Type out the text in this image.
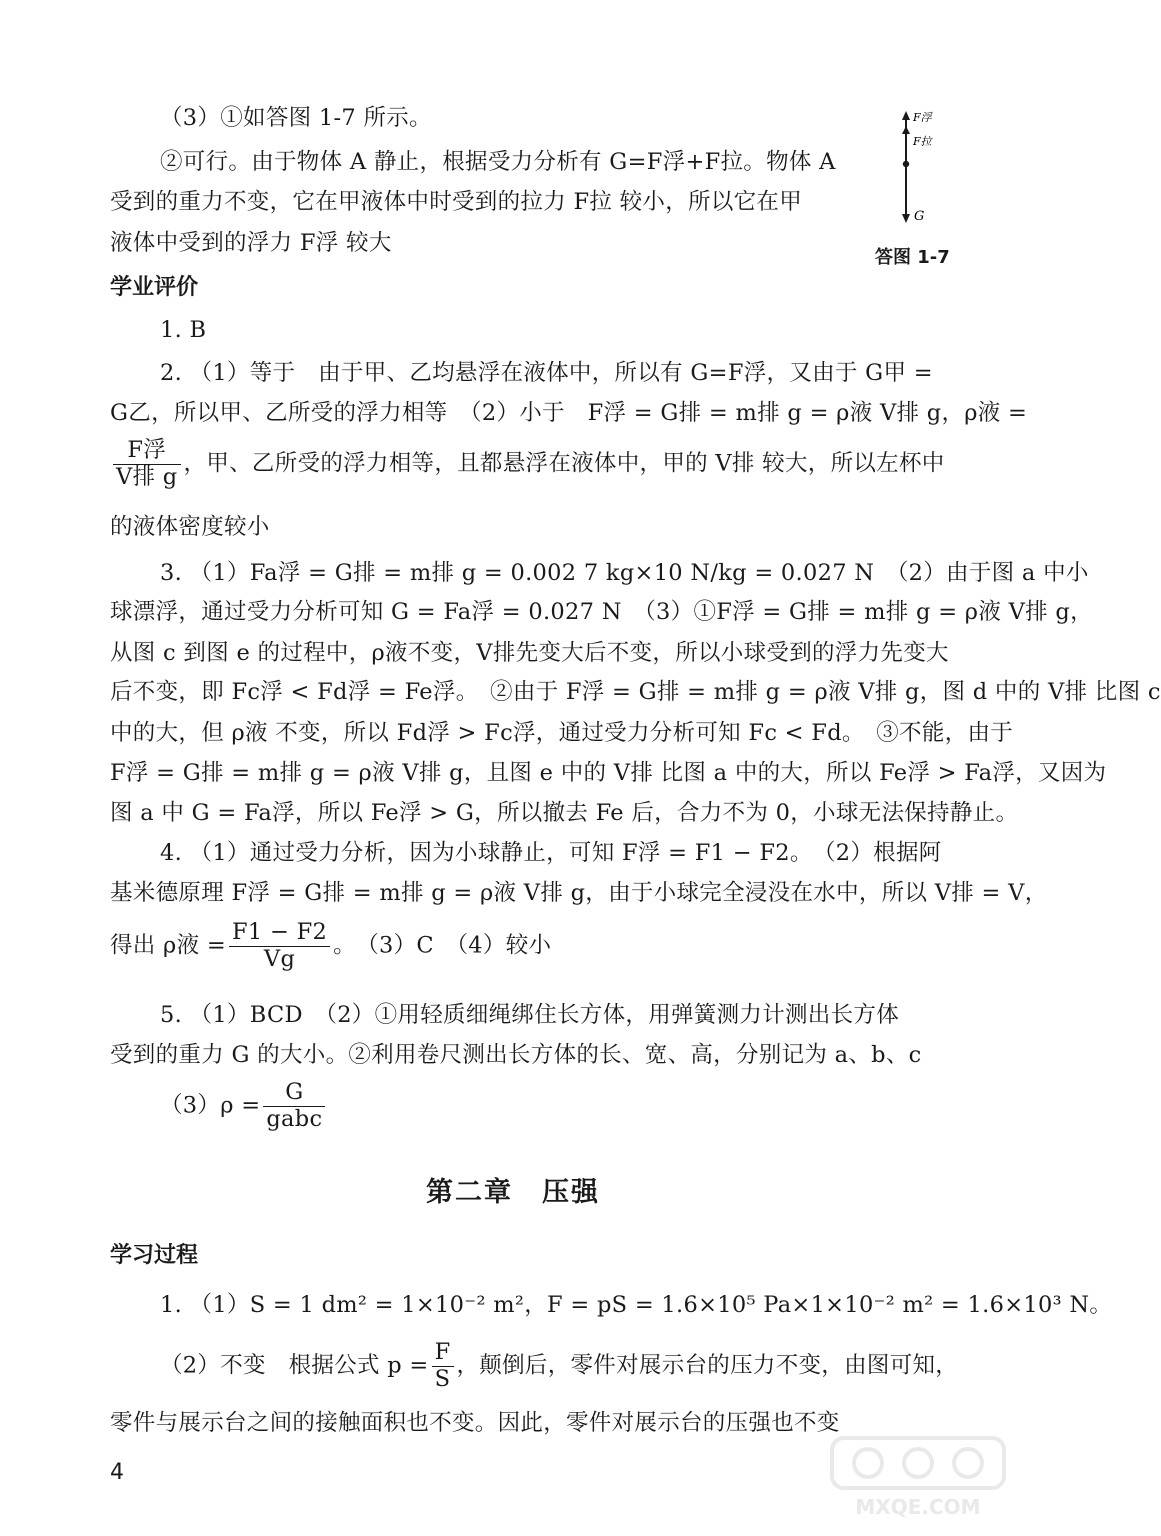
F浮
F拉
G
答图 1-7
（3）①如答图 1-7 所示。
②可行。由于物体 A 静止，根据受力分析有 G=F浮+F拉。物体 A
受到的重力不变，它在甲液体中时受到的拉力 F拉 较小，所以它在甲
液体中受到的浮力 F浮 较大
学业评价
1. B
2. （1）等于　由于甲、乙均悬浮在液体中，所以有 G=F浮，又由于 G甲 =
G乙，所以甲、乙所受的浮力相等　（2）小于　F浮 = G排 = m排 g = ρ液 V排 g，ρ液 =
$\frac{\text{F浮}}{\text{V排 g}}$ ，甲、乙所受的浮力相等，且都悬浮在液体中，甲的 V排 较大，所以左杯中
的液体密度较小
3. （1）Fa浮 = G排 = m排 g = 0.002 7 kg×10 N/kg = 0.027 N　（2）由于图 a 中小
球漂浮，通过受力分析可知 G = Fa浮 = 0.027 N　（3）①F浮 = G排 = m排 g = ρ液 V排 g，
从图 c 到图 e 的过程中，ρ液不变，V排先变大后不变，所以小球受到的浮力先变大
后不变，即 Fc浮 < Fd浮 = Fe浮。　②由于 F浮 = G排 = m排 g = ρ液 V排 g，图 d 中的 V排 比图 c
中的大，但 ρ液 不变，所以 Fd浮 > Fc浮，通过受力分析可知 Fc < Fd。　③不能，由于
F浮 = G排 = m排 g = ρ液 V排 g，且图 e 中的 V排 比图 a 中的大，所以 Fe浮 > Fa浮，又因为
图 a 中 G = Fa浮，所以 Fe浮 > G，所以撤去 Fe 后，合力不为 0，小球无法保持静止。
4. （1）通过受力分析，因为小球静止，可知 F浮 = F1 − F2。　（2）根据阿
基米德原理 F浮 = G排 = m排 g = ρ液 V排 g，由于小球完全浸没在水中，所以 V排 = V，
得出 ρ液 = $\frac{F1 - F2}{Vg}$ 。　（3）C　（4）较小
5. （1）BCD　（2）①用轻质细绳绑住长方体，用弹簧测力计测出长方体
受到的重力 G 的大小。②利用卷尺测出长方体的长、宽、高，分别记为 a、b、c
$(3)\rho = \frac{G}{\text{gabc}}$
第二章　压强
学习过程
1. （1）S = 1 dm² = 1×10⁻² m²，F = pS = 1.6×10⁵ Pa×1×10⁻² m² = 1.6×10³ N。
（2）不变　根据公式 $p = \frac{F}{S}$ ，颠倒后，零件对展示台的压力不变，由图可知，
零件与展示台之间的接触面积也不变。因此，零件对展示台的压强也不变
4
MXQE.COM
